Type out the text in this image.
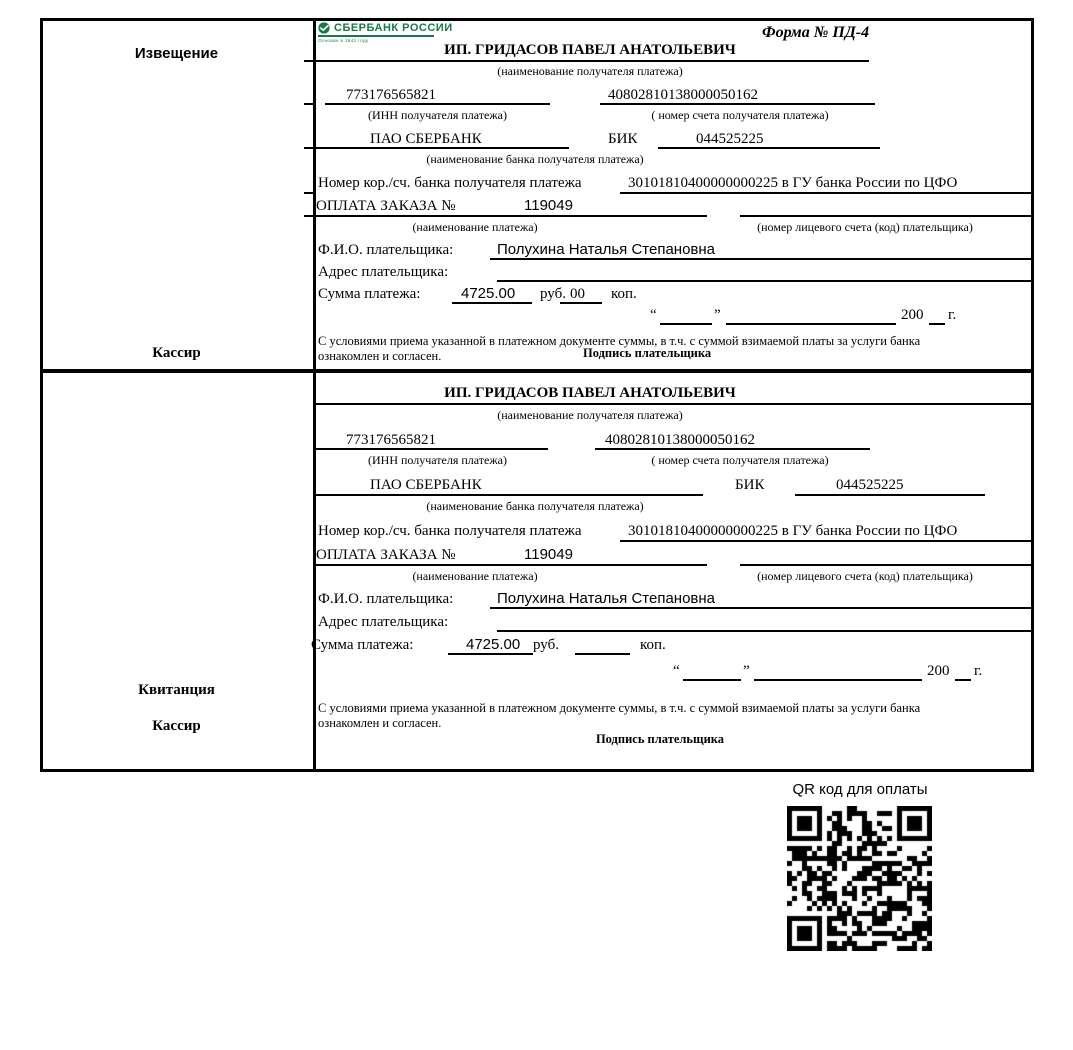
Извещение
Кассир
СБЕРБАНК РОССИИ
Основан в 1841 году	Форма № ПД-4
ИП. ГРИДАСОВ ПАВЕЛ АНАТОЛЬЕВИЧ
(наименование получателя платежа)
773176565821	40802810138000050162
(ИНН получателя платежа)	( номер счета получателя платежа)
ПАО СБЕРБАНК	БИК	044525225
(наименование банка получателя платежа)
Номер кор./сч. банка получателя платежа	30101810400000000225 в ГУ банка России по ЦФО
ОПЛАТА ЗАКАЗА №	119049
(наименование платежа)	(номер лицевого счета (код) плательщика)
Ф.И.О. плательщика:	Полухина Наталья Степановна
Адрес плательщика:
Сумма платежа:	4725.00 руб. 00 коп.
“	”	200 г.
С условиями приема указанной в платежном документе суммы, в т.ч. с суммой взимаемой платы за услуги банка
ознакомлен и согласен.	Подпись плательщика
Квитанция
Кассир
ИП. ГРИДАСОВ ПАВЕЛ АНАТОЛЬЕВИЧ
(наименование получателя платежа)
773176565821	40802810138000050162
(ИНН получателя платежа)	( номер счета получателя платежа)
ПАО СБЕРБАНК	БИК	044525225
(наименование банка получателя платежа)
Номер кор./сч. банка получателя платежа	30101810400000000225 в ГУ банка России по ЦФО
ОПЛАТА ЗАКАЗА №	119049
(наименование платежа)	(номер лицевого счета (код) плательщика)
Ф.И.О. плательщика:	Полухина Наталья Степановна
Адрес плательщика:
Сумма платежа:	4725.00 руб.	коп.
“	”	200 г.
С условиями приема указанной в платежном документе суммы, в т.ч. с суммой взимаемой платы за услуги банка
ознакомлен и согласен.
Подпись плательщика
QR код для оплаты
